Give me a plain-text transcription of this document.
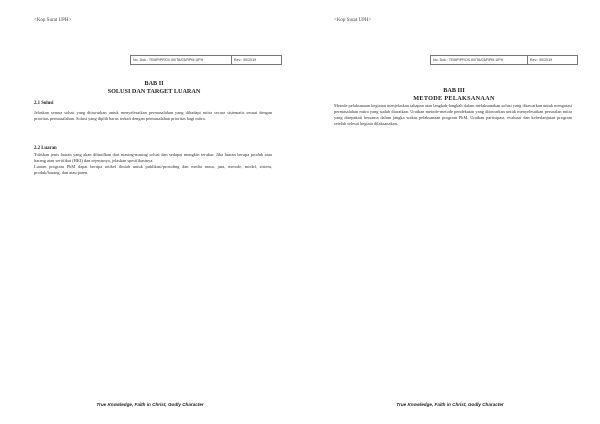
<Kop Surat UPH>
No. Dok.: TEMP/PROX.00/TA/03/RPM-UPH	Rev.: 00/2019
BAB II
SOLUSI DAN TARGET LUARAN

2.1 Solusi

Jelaskan semua solusi yang ditawarkan untuk menyelesaikan permasalahan yang dihadapi mitra secara sistematis sesuai dengan prioritas permasalahan. Solusi yang diplih harus terkait dengan permasalahan prioritas bagi mitra.

2.2 Luaran

Tuliskan jenis luaran yang akan dihasilkan dari masing-masing solusi dan sedapat mungkin terukur. Jika luaran berupa produk atau barang atau sertifikat (HKI) dan sejenisnya, jelaskan spesifikasinya.

Luaran program PkM dapat berupa artikel ilmiah untuk publikasi/prosiding dan media masa, jasa, metode, model, sistem, produk/barang, dan atau paten.

True Knowledge, Faith in Christ, Godly Character
<Kop Surat UPH>
No. Dok.: TEMP/PROX.00/TA/03/RPM-UPH	Rev.: 00/2019
BAB III
METODE PELAKSANAAN

Metode pelaksanaan kegiatan menjelaskan tahapan atau langkah-langkah dalam melaksanakan solusi yang ditawarkan untuk mengatasi permasalahan mitra yang sudah diuraikan. Uraikan metode-metode pendekatan yang ditawarkan untuk menyelesaikan persoalan mitra yang disepakati bersama dalam jangka waktu pelaksanaan program PkM. Uraikan partisipasi, evaluasi dan keberlanjutan program setelah selesai kegiata dilaksanakan.

True Knowledge, Faith in Christ, Godly Character
